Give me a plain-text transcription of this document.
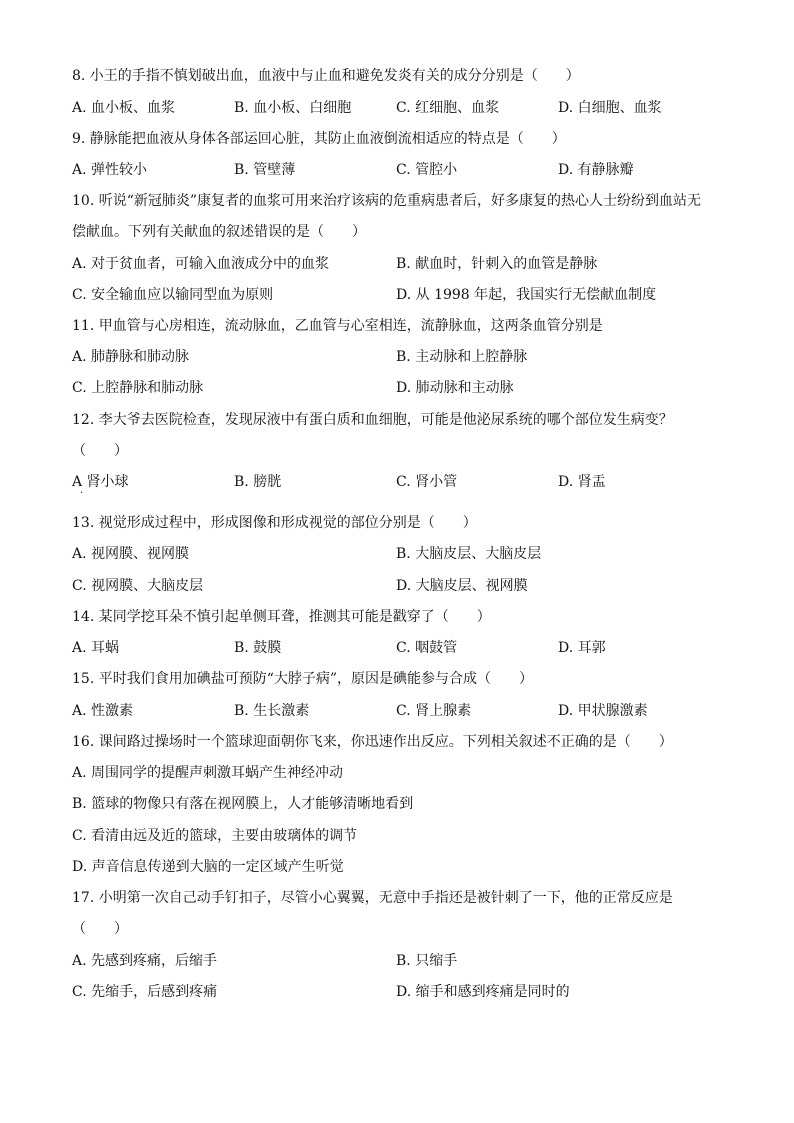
8. 小王的手指不慎划破出血，血液中与止血和避免发炎有关的成分分别是（　　）
A. 血小板、血浆	B. 血小板、白细胞	C. 红细胞、血浆	D. 白细胞、血浆
9. 静脉能把血液从身体各部运回心脏，其防止血液倒流相适应的特点是（　　）
A. 弹性较小	B. 管壁薄	C. 管腔小	D. 有静脉瓣
10. 听说“新冠肺炎”康复者的血浆可用来治疗该病的危重病患者后，好多康复的热心人士纷纷到血站无
偿献血。下列有关献血的叙述错误的是（　　）
A. 对于贫血者，可输入血液成分中的血浆	B. 献血时，针刺入的血管是静脉
C. 安全输血应以输同型血为原则	D. 从 1998 年起，我国实行无偿献血制度
11. 甲血管与心房相连，流动脉血，乙血管与心室相连，流静脉血，这两条血管分别是
A. 肺静脉和肺动脉	B. 主动脉和上腔静脉
C. 上腔静脉和肺动脉	D. 肺动脉和主动脉
12. 李大爷去医院检查，发现尿液中有蛋白质和血细胞，可能是他泌尿系统的哪个部位发生病变？
（　　）
A 肾小球
·
B. 膀胱	C. 肾小管	D. 肾盂
13. 视觉形成过程中，形成图像和形成视觉的部位分别是（　　）
A. 视网膜、视网膜	B. 大脑皮层、大脑皮层
C. 视网膜、大脑皮层	D. 大脑皮层、视网膜
14. 某同学挖耳朵不慎引起单侧耳聋，推测其可能是戳穿了（　　）
A. 耳蜗	B. 鼓膜	C. 咽鼓管	D. 耳郭
15. 平时我们食用加碘盐可预防“大脖子病”，原因是碘能参与合成（　　）
A. 性激素	B. 生长激素	C. 肾上腺素	D. 甲状腺激素
16. 课间路过操场时一个篮球迎面朝你飞来，你迅速作出反应。下列相关叙述不正确的是（　　）
A. 周围同学的提醒声刺激耳蜗产生神经冲动
B. 篮球的物像只有落在视网膜上，人才能够清晰地看到
C. 看清由远及近的篮球，主要由玻璃体的调节
D. 声音信息传递到大脑的一定区域产生听觉
17. 小明第一次自己动手钉扣子，尽管小心翼翼，无意中手指还是被针刺了一下，他的正常反应是
（　　）
A. 先感到疼痛，后缩手	B. 只缩手
C. 先缩手，后感到疼痛	D. 缩手和感到疼痛是同时的
